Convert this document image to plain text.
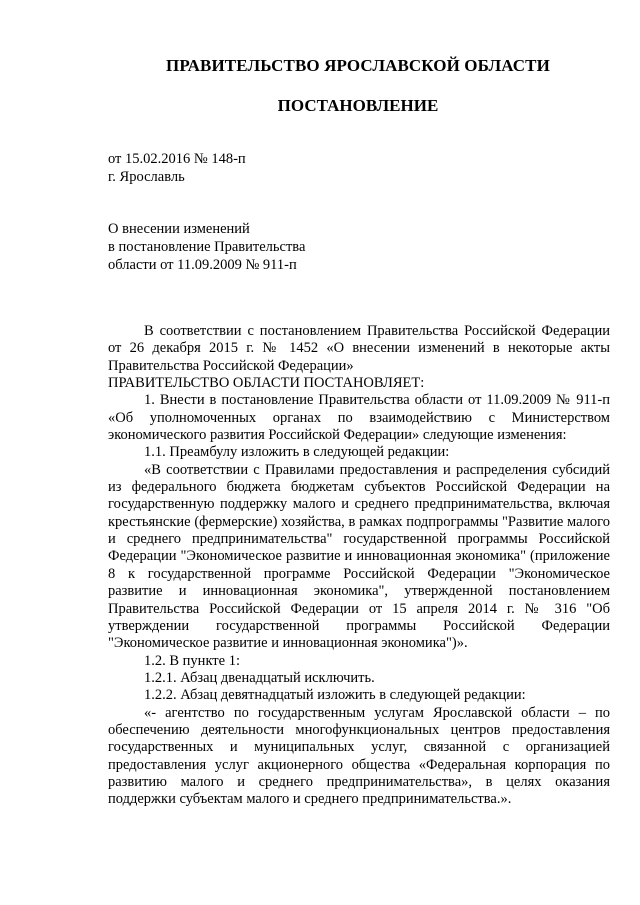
ПРАВИТЕЛЬСТВО ЯРОСЛАВСКОЙ ОБЛАСТИ
ПОСТАНОВЛЕНИЕ
от 15.02.2016 № 148-п
г. Ярославль
О внесении изменений
в постановление Правительства
области от 11.09.2009 № 911-п

В соответствии с постановлением Правительства Российской Федерации от 26 декабря 2015 г. № 1452 «О внесении изменений в некоторые акты Правительства Российской Федерации»

ПРАВИТЕЛЬСТВО ОБЛАСТИ ПОСТАНОВЛЯЕТ:

1. Внести в постановление Правительства области от 11.09.2009 № 911-п «Об уполномоченных органах по взаимодействию с Министерством экономического развития Российской Федерации» следующие изменения:

1.1. Преамбулу изложить в следующей редакции:

«В соответствии с Правилами предоставления и распределения субсидий из федерального бюджета бюджетам субъектов Российской Федерации на государственную поддержку малого и среднего предпринимательства, включая крестьянские (фермерские) хозяйства, в рамках подпрограммы "Развитие малого и среднего предпринимательства" государственной программы Российской Федерации "Экономическое развитие и инновационная экономика" (приложение 8 к государственной программе Российской Федерации "Экономическое развитие и инновационная экономика", утвержденной постановлением Правительства Российской Федерации от 15 апреля 2014 г. № 316 "Об утверждении государственной программы Российской Федерации "Экономическое развитие и инновационная экономика")».

1.2. В пункте 1:

1.2.1. Абзац двенадцатый исключить.

1.2.2. Абзац девятнадцатый изложить в следующей редакции:

«- агентство по государственным услугам Ярославской области – по обеспечению деятельности многофункциональных центров предоставления государственных и муниципальных услуг, связанной с организацией предоставления услуг акционерного общества «Федеральная корпорация по развитию малого и среднего предпринимательства», в целях оказания поддержки субъектам малого и среднего предпринимательства.».
